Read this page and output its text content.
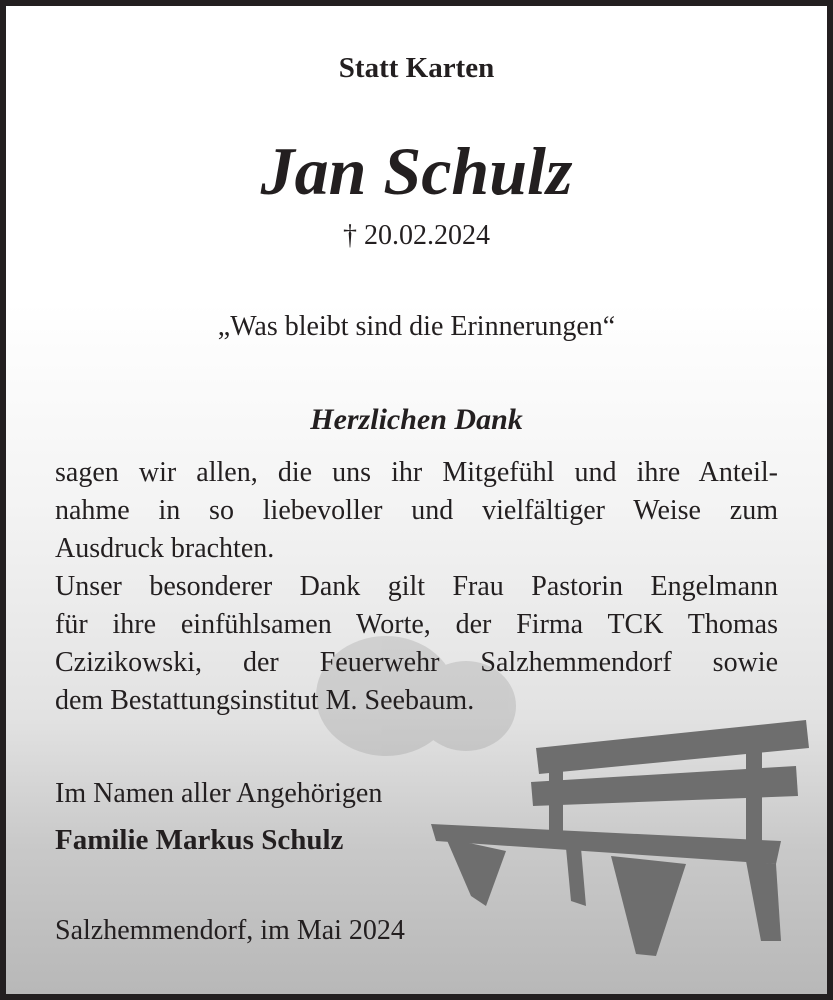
Statt Karten
Jan Schulz
† 20.02.2024
„Was bleibt sind die Erinnerungen“
Herzlichen Dank
sagen wir allen, die uns ihr Mitgefühl und ihre Anteil-
nahme in so liebevoller und vielfältiger Weise zum
Ausdruck brachten.
Unser besonderer Dank gilt Frau Pastorin Engelmann
für ihre einfühlsamen Worte, der Firma TCK Thomas
Czizikowski, der Feuerwehr Salzhemmendorf sowie
dem Bestattungsinstitut M. Seebaum.
Im Namen aller Angehörigen
Familie Markus Schulz
Salzhemmendorf, im Mai 2024
